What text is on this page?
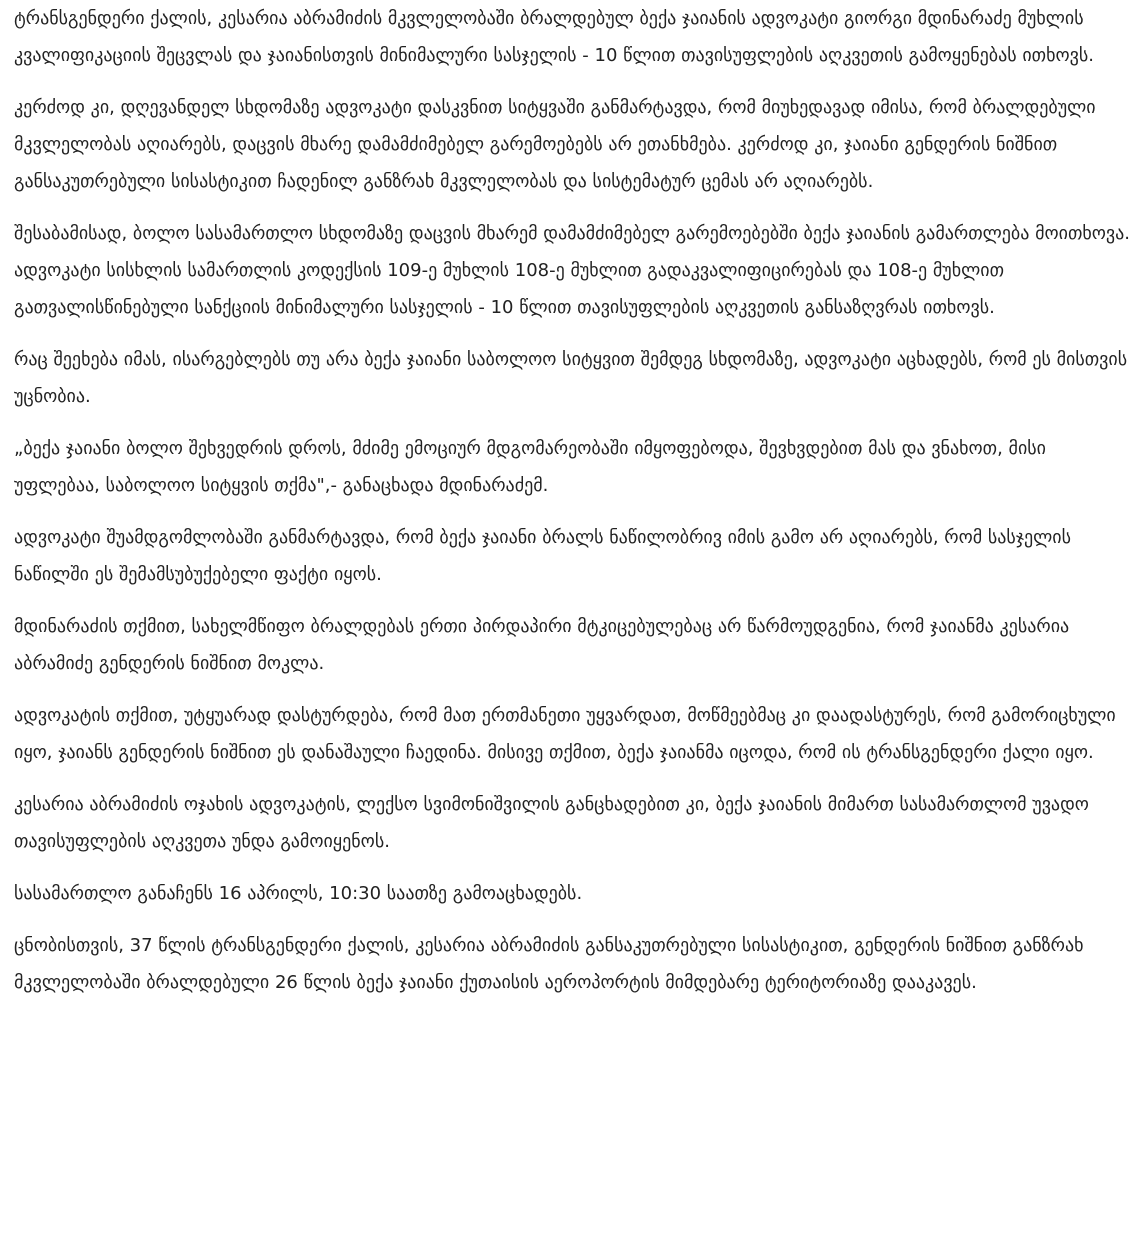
ტრანსგენდერი ქალის, კესარია აბრამიძის მკვლელობაში ბრალდებულ ბექა ჯაიანის ადვოკატი გიორგი მდინარაძე მუხლის კვალიფიკაციის შეცვლას და ჯაიანისთვის მინიმალური სასჯელის - 10 წლით თავისუფლების აღკვეთის გამოყენებას ითხოვს.

კერძოდ კი, დღევანდელ სხდომაზე ადვოკატი დასკვნით სიტყვაში განმარტავდა, რომ მიუხედავად იმისა, რომ ბრალდებული მკვლელობას აღიარებს, დაცვის მხარე დამამძიმებელ გარემოებებს არ ეთანხმება. კერძოდ კი, ჯაიანი გენდერის ნიშნით განსაკუთრებული სისასტიკით ჩადენილ განზრახ მკვლელობას და სისტემატურ ცემას არ აღიარებს.

შესაბამისად, ბოლო სასამართლო სხდომაზე დაცვის მხარემ დამამძიმებელ გარემოებებში ბექა ჯაიანის გამართლება მოითხოვა. ადვოკატი სისხლის სამართლის კოდექსის 109-ე მუხლის 108-ე მუხლით გადაკვალიფიცირებას და 108-ე მუხლით გათვალისწინებული სანქციის მინიმალური სასჯელის - 10 წლით თავისუფლების აღკვეთის განსაზღვრას ითხოვს.

რაც შეეხება იმას, ისარგებლებს თუ არა ბექა ჯაიანი საბოლოო სიტყვით შემდეგ სხდომაზე, ადვოკატი აცხადებს, რომ ეს მისთვის უცნობია.

„ბექა ჯაიანი ბოლო შეხვედრის დროს, მძიმე ემოციურ მდგომარეობაში იმყოფებოდა, შევხვდებით მას და ვნახოთ, მისი უფლებაა, საბოლოო სიტყვის თქმა",- განაცხადა მდინარაძემ.

ადვოკატი შუამდგომლობაში განმარტავდა, რომ ბექა ჯაიანი ბრალს ნაწილობრივ იმის გამო არ აღიარებს, რომ სასჯელის ნაწილში ეს შემამსუბუქებელი ფაქტი იყოს.

მდინარაძის თქმით, სახელმწიფო ბრალდებას ერთი პირდაპირი მტკიცებულებაც არ წარმოუდგენია, რომ ჯაიანმა კესარია აბრამიძე გენდერის ნიშნით მოკლა.

ადვოკატის თქმით, უტყუარად დასტურდება, რომ მათ ერთმანეთი უყვარდათ, მოწმეებმაც კი დაადასტურეს, რომ გამორიცხული იყო, ჯაიანს გენდერის ნიშნით ეს დანაშაული ჩაედინა. მისივე თქმით, ბექა ჯაიანმა იცოდა, რომ ის ტრანსგენდერი ქალი იყო.

კესარია აბრამიძის ოჯახის ადვოკატის, ლექსო სვიმონიშვილის განცხადებით კი, ბექა ჯაიანის მიმართ სასამართლომ უვადო თავისუფლების აღკვეთა უნდა გამოიყენოს.

სასამართლო განაჩენს 16 აპრილს, 10:30 საათზე გამოაცხადებს.

ცნობისთვის, 37 წლის ტრანსგენდერი ქალის, კესარია აბრამიძის განსაკუთრებული სისასტიკით, გენდერის ნიშნით განზრახ მკვლელობაში ბრალდებული 26 წლის ბექა ჯაიანი ქუთაისის აეროპორტის მიმდებარე ტერიტორიაზე დააკავეს.
